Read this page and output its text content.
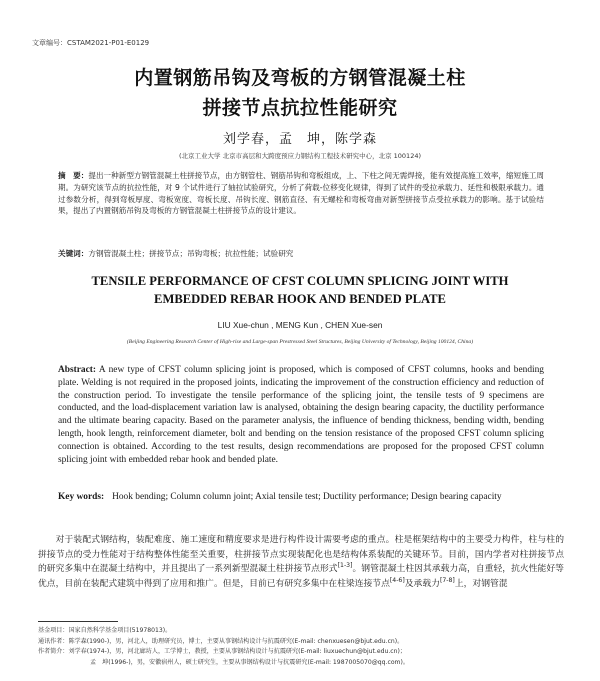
文章编号：CSTAM2021-P01-E0129
内置钢筋吊钩及弯板的方钢管混凝土柱
拼接节点抗拉性能研究
刘学春，孟　坤，陈学森
(北京工业大学 北京市高层和大跨度预应力钢结构工程技术研究中心，北京 100124)
摘　要：提出一种新型方钢管混凝土柱拼接节点，由方钢管柱、钢筋吊钩和弯板组成，上、下柱之间无需焊接，能有效提高施工效率，缩短施工周期。为研究该节点的抗拉性能，对 9 个试件进行了轴拉试验研究，分析了荷载-位移变化规律，得到了试件的受拉承载力、延性和极限承载力。通过参数分析，得到弯板厚度、弯板宽度、弯板长度、吊钩长度、钢筋直径、有无螺栓和弯板弯曲对新型拼接节点受拉承载力的影响。基于试验结果，提出了内置钢筋吊钩及弯板的方钢管混凝土柱拼接节点的设计建议。
关键词：方钢管混凝土柱；拼接节点；吊钩弯板；抗拉性能；试验研究
TENSILE PERFORMANCE OF CFST COLUMN SPLICING JOINT WITH
EMBEDDED REBAR HOOK AND BENDED PLATE
LIU Xue-chun , MENG Kun , CHEN Xue-sen
(Beijing Engineering Research Center of High-rise and Large-span Prestressed Steel Structures, Beijing University of Technology, Beijing 100124, China)
Abstract: A new type of CFST column splicing joint is proposed, which is composed of CFST columns, hooks and bending plate. Welding is not required in the proposed joints, indicating the improvement of the construction efficiency and reduction of the construction period. To investigate the tensile performance of the splicing joint, the tensile tests of 9 specimens are conducted, and the load-displacement variation law is analysed, obtaining the design bearing capacity, the ductility performance and the ultimate bearing capacity. Based on the parameter analysis, the influence of bending thickness, bending width, bending length, hook length, reinforcement diameter, bolt and bending on the tension resistance of the proposed CFST column splicing connection is obtained. According to the test results, design recommendations are proposed for the proposed CFST column splicing joint with embedded rebar hook and bended plate.
Key words: Hook bending; Column column joint; Axial tensile test; Ductility performance; Design bearing capacity
对于装配式钢结构，装配难度、施工速度和精度要求是进行构件设计需要考虑的重点。柱是框架结构中的主要受力构件，柱与柱的拼接节点的受力性能对于结构整体性能至关重要，柱拼接节点实现装配化也是结构体系装配的关键环节。目前，国内学者对柱拼接节点的研究多集中在混凝土结构中，并且提出了一系列新型混凝土柱拼接节点形式[1-3]。钢管混凝土柱因其承载力高，自重轻，抗火性能好等优点，目前在装配式建筑中得到了应用和推广。但是，目前已有研究多集中在柱梁连接节点[4-6]及承载力[7-8]上，对钢管混
基金项目：国家自然科学基金项目(51978013)。
通讯作者：陈学森(1990-)，男，河北人，助理研究员，博士，主要从事钢结构设计与抗震研究(E-mail: chenxuesen@bjut.edu.cn)。
作者简介：刘学春(1974-)，男，河北廊坊人，工学博士，教授，主要从事钢结构设计与抗震研究(E-mail: liuxuechun@bjut.edu.cn)；
孟　坤(1996-)，男，安徽宿州人，硕士研究生，主要从事钢结构设计与抗震研究(E-mail: 1987005070@qq.com)。
